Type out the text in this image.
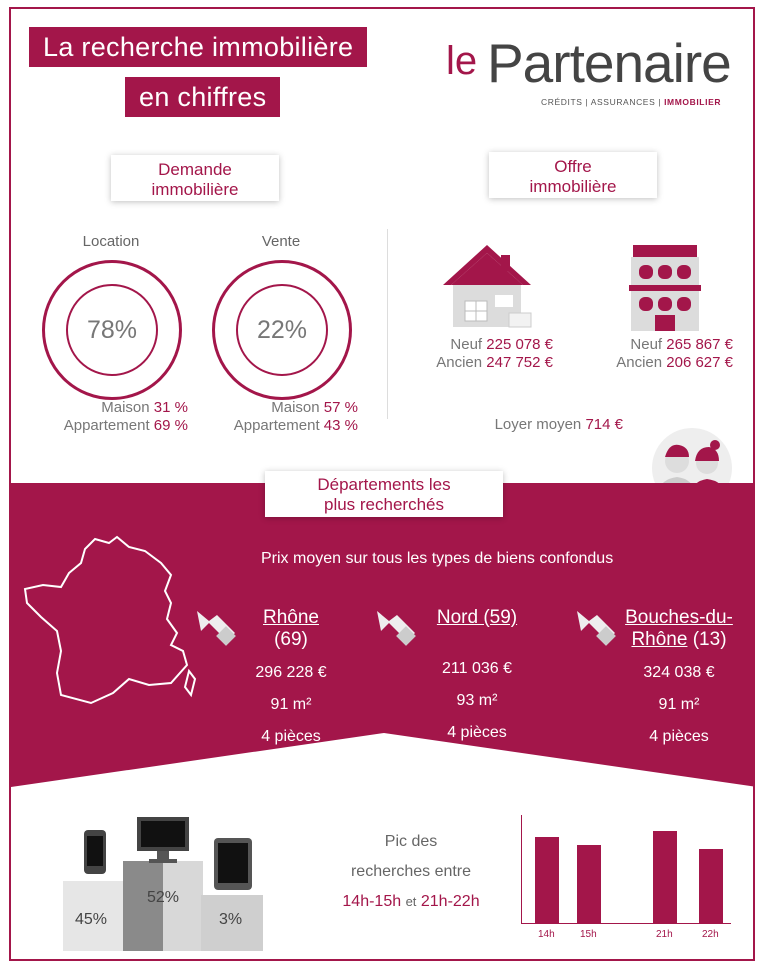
La recherche immobilière
en chiffres
le Partenaire
CRÉDITS | ASSURANCES | IMMOBILIER
Demande
immobilière
Offre
immobilière
Location
78%
Maison 31 %
Appartement 69 %
Vente
22%
Maison 57 %
Appartement 43 %
Neuf 225 078 €
Ancien 247 752 €
Neuf 265 867 €
Ancien 206 627 €
Loyer moyen 714 €
Départements les
plus recherchés
Prix moyen sur tous les types de biens confondus
Rhône
(69)
296 228 €
91 m²
4 pièces
Nord (59)
211 036 €
93 m²
4 pièces
Bouches-du-
Rhône (13)
324 038 €
91 m²
4 pièces
45%
52%
3%
Pic des
recherches entre
14h-15h et 21h-22h
14h	15h	21h	22h
